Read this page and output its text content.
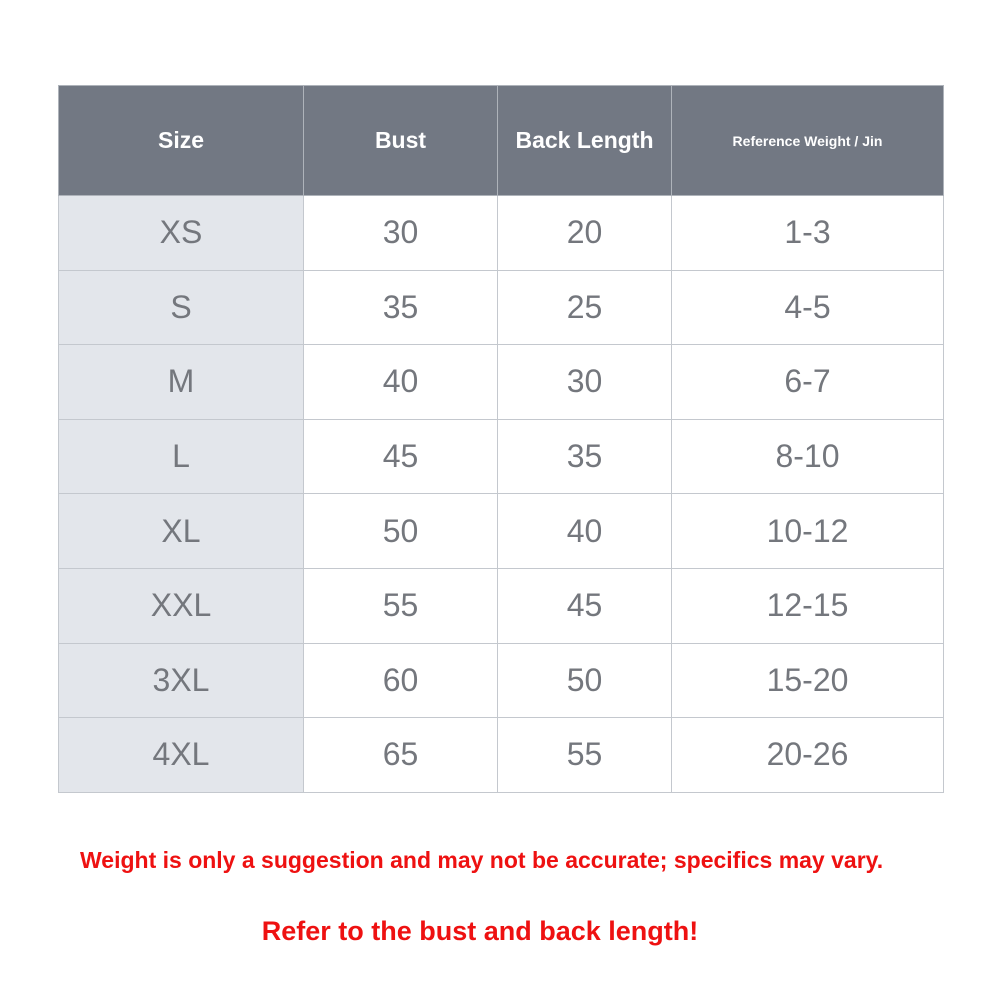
Size	Bust	Back Length	Reference Weight / Jin
XS	30	20	1-3
S	35	25	4-5
M	40	30	6-7
L	45	35	8-10
XL	50	40	10-12
XXL	55	45	12-15
3XL	60	50	15-20
4XL	65	55	20-26
Weight is only a suggestion and may not be accurate; specifics may vary.
Refer to the bust and back length!
